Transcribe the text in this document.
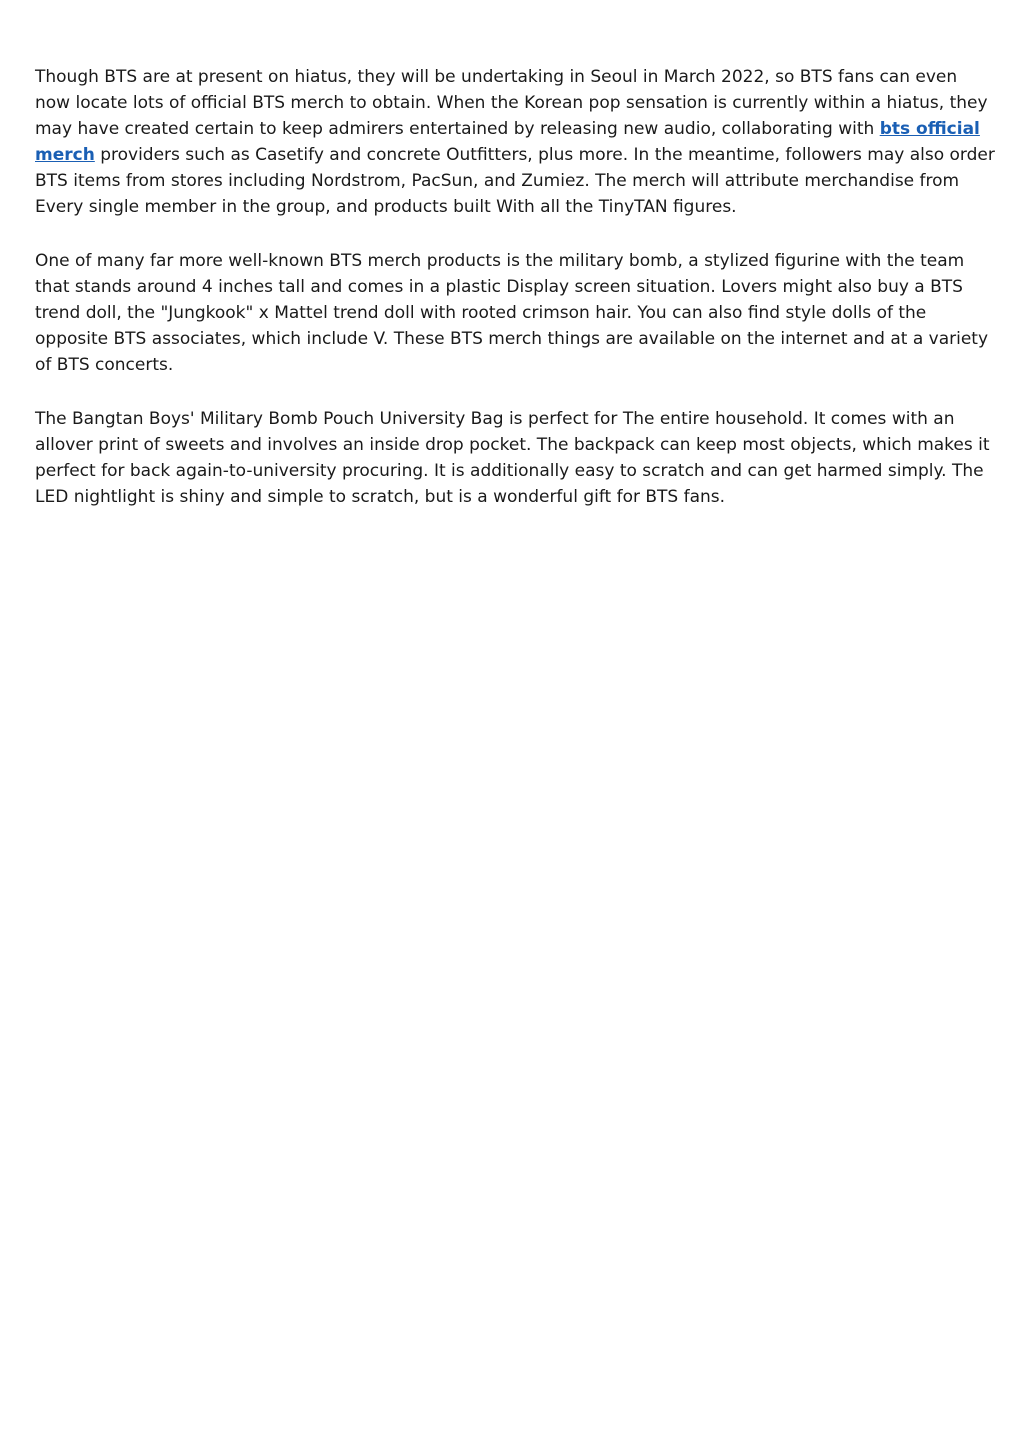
Though BTS are at present on hiatus, they will be undertaking in Seoul in March 2022, so BTS fans can even now locate lots of official BTS merch to obtain. When the Korean pop sensation is currently within a hiatus, they may have created certain to keep admirers entertained by releasing new audio, collaborating with bts official merch providers such as Casetify and concrete Outfitters, plus more. In the meantime, followers may also order BTS items from stores including Nordstrom, PacSun, and Zumiez. The merch will attribute merchandise from Every single member in the group, and products built With all the TinyTAN figures.

One of many far more well-known BTS merch products is the military bomb, a stylized figurine with the team that stands around 4 inches tall and comes in a plastic Display screen situation. Lovers might also buy a BTS trend doll, the "Jungkook" x Mattel trend doll with rooted crimson hair. You can also find style dolls of the opposite BTS associates, which include V. These BTS merch things are available on the internet and at a variety of BTS concerts.

The Bangtan Boys' Military Bomb Pouch University Bag is perfect for The entire household. It comes with an allover print of sweets and involves an inside drop pocket. The backpack can keep most objects, which makes it perfect for back again-to-university procuring. It is additionally easy to scratch and can get harmed simply. The LED nightlight is shiny and simple to scratch, but is a wonderful gift for BTS fans.
